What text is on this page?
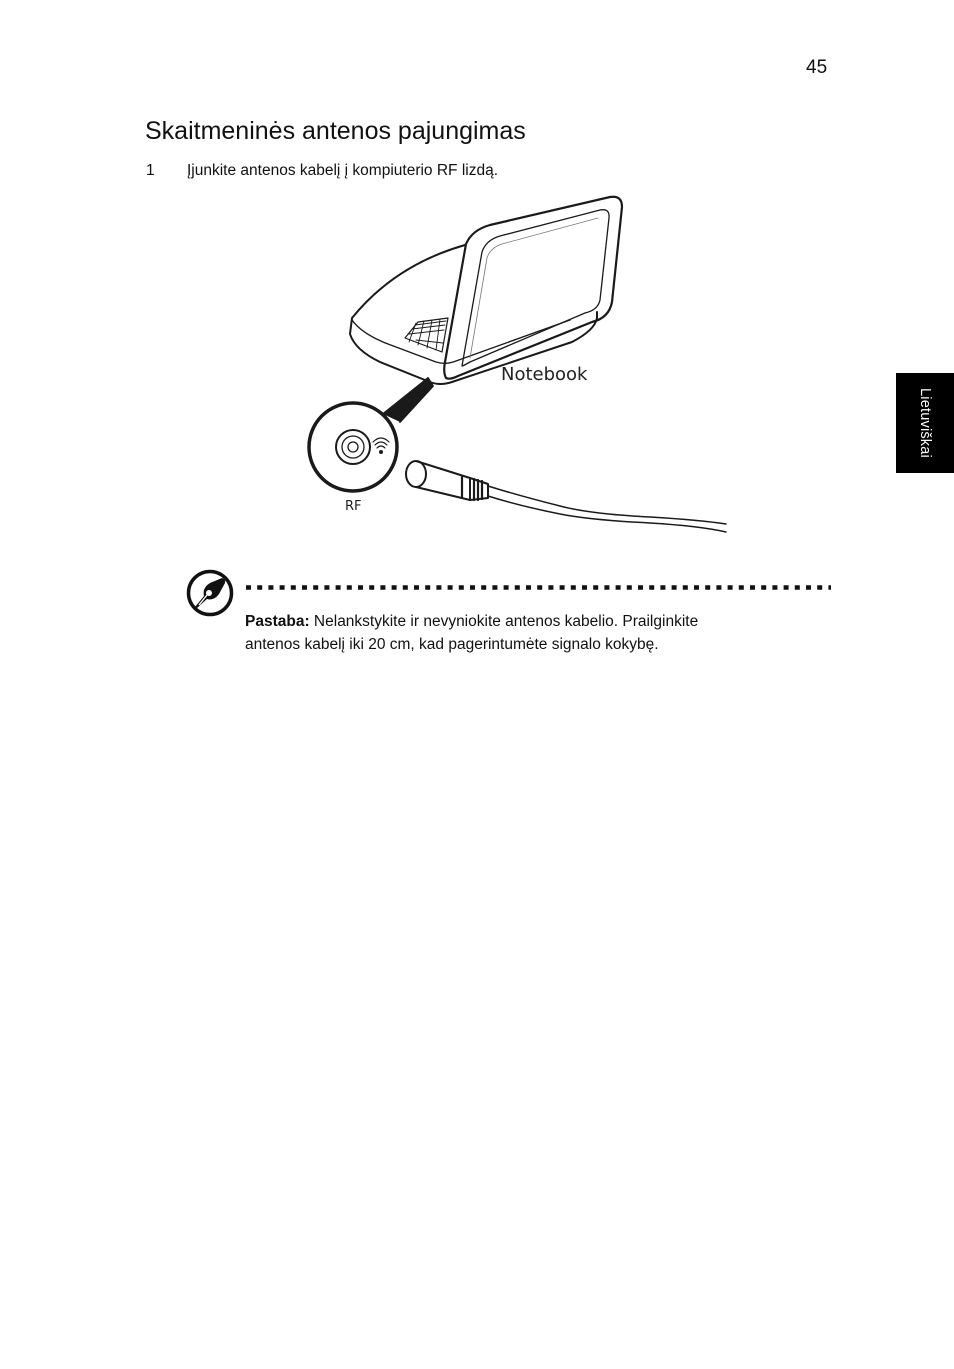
45
Skaitmeninės antenos pajungimas
1 Įjunkite antenos kabelį į kompiuterio RF lizdą.
Lietuviškai
Notebook
RF
Pastaba: Nelankstykite ir nevyniokite antenos kabelio. Prailginkite
antenos kabelį iki 20 cm, kad pagerintumėte signalo kokybę.
